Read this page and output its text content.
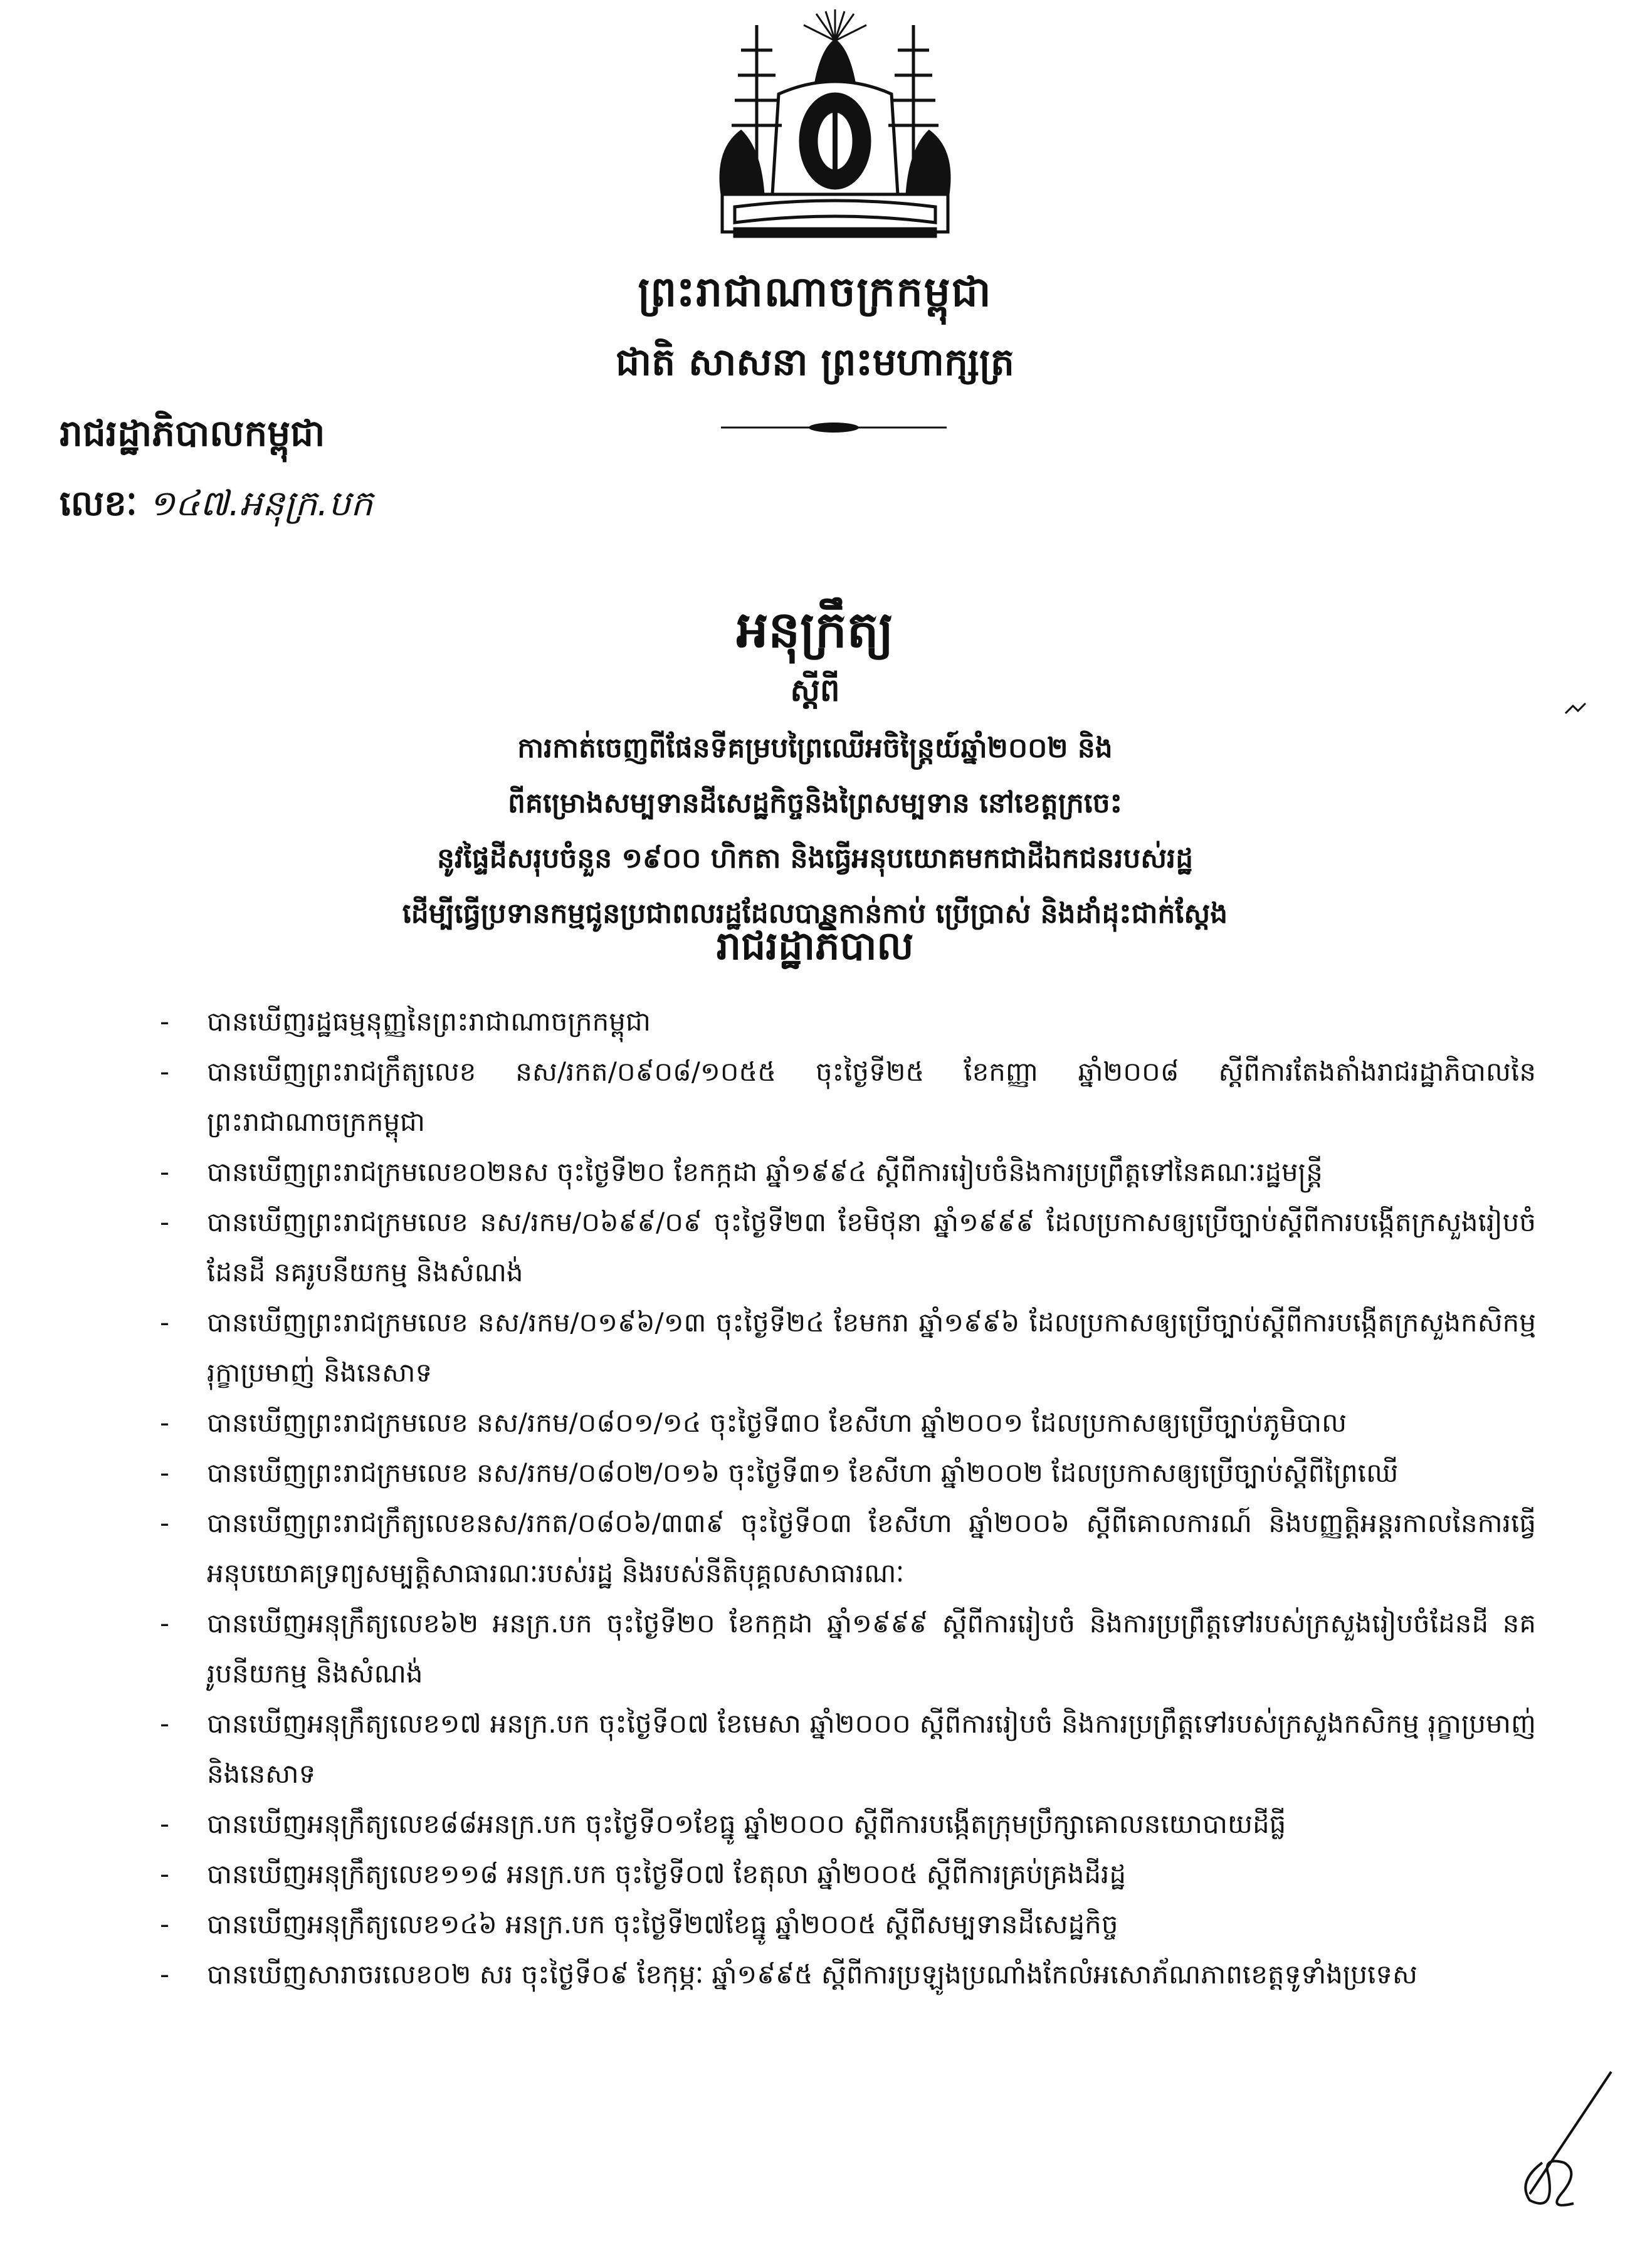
ព្រះរាជាណាចក្រកម្ពុជា
ជាតិ សាសនា ព្រះមហាក្សត្រ
រាជរដ្ឋាភិបាលកម្ពុជា
លេខៈ ១៤៧.អនុក្រ.បក
អនុក្រឹត្យ
ស្តីពី
ការកាត់ចេញពីផែនទីគម្របព្រៃឈើអចិន្ត្រៃយ៍ឆ្នាំ២០០២ និង
ពីគម្រោងសម្បទានដីសេដ្ឋកិច្ចនិងព្រៃសម្បទាន នៅខេត្តក្រចេះ
នូវផ្ទៃដីសរុបចំនួន ១៩០០ ហិកតា និងធ្វើអនុបយោគមកជាដីឯកជនរបស់រដ្ឋ
ដើម្បីធ្វើប្រទានកម្មជូនប្រជាពលរដ្ឋដែលបានកាន់កាប់ ប្រើប្រាស់ និងដាំដុះជាក់ស្តែង
រាជរដ្ឋាភិបាល
- បានឃើញរដ្ឋធម្មនុញ្ញនៃព្រះរាជាណាចក្រកម្ពុជា
- បានឃើញព្រះរាជក្រឹត្យលេខ នស/រកត/០៩០៨/១០៥៥ ចុះថ្ងៃទី២៥ ខែកញ្ញា ឆ្នាំ២០០៨ ស្តីពីការតែងតាំងរាជរដ្ឋាភិបាលនៃព្រះរាជាណាចក្រកម្ពុជា
- បានឃើញព្រះរាជក្រមលេខ០២នស ចុះថ្ងៃទី២០ ខែកក្កដា ឆ្នាំ១៩៩៤ ស្តីពីការរៀបចំនិងការប្រព្រឹត្តទៅនៃគណៈរដ្ឋមន្ត្រី
- បានឃើញព្រះរាជក្រមលេខ នស/រកម/០៦៩៩/០៩ ចុះថ្ងៃទី២៣ ខែមិថុនា ឆ្នាំ១៩៩៩ ដែលប្រកាសឲ្យប្រើច្បាប់ស្តីពីការបង្កើតក្រសួងរៀបចំដែនដី នគរូបនីយកម្ម និងសំណង់
- បានឃើញព្រះរាជក្រមលេខ នស/រកម/០១៩៦/១៣ ចុះថ្ងៃទី២៤ ខែមករា ឆ្នាំ១៩៩៦ ដែលប្រកាសឲ្យប្រើច្បាប់ស្តីពីការបង្កើតក្រសួងកសិកម្ម រុក្ខាប្រមាញ់ និងនេសាទ
- បានឃើញព្រះរាជក្រមលេខ នស/រកម/០៨០១/១៤ ចុះថ្ងៃទី៣០ ខែសីហា ឆ្នាំ២០០១ ដែលប្រកាសឲ្យប្រើច្បាប់ភូមិបាល
- បានឃើញព្រះរាជក្រមលេខ នស/រកម/០៨០២/០១៦ ចុះថ្ងៃទី៣១ ខែសីហា ឆ្នាំ២០០២ ដែលប្រកាសឲ្យប្រើច្បាប់ស្តីពីព្រៃឈើ
- បានឃើញព្រះរាជក្រឹត្យលេខនស/រកត/០៨០៦/៣៣៩ ចុះថ្ងៃទី០៣ ខែសីហា ឆ្នាំ២០០៦ ស្តីពីគោលការណ៍ និងបញ្ញត្តិអន្តរកាលនៃការធ្វើអនុបយោគទ្រព្យសម្បត្តិសាធារណៈរបស់រដ្ឋ និងរបស់នីតិបុគ្គលសាធារណៈ
- បានឃើញអនុក្រឹត្យលេខ៦២ អនក្រ.បក ចុះថ្ងៃទី២០ ខែកក្កដា ឆ្នាំ១៩៩៩ ស្តីពីការរៀបចំ និងការប្រព្រឹត្តទៅរបស់ក្រសួងរៀបចំដែនដី នគរូបនីយកម្ម និងសំណង់
- បានឃើញអនុក្រឹត្យលេខ១៧ អនក្រ.បក ចុះថ្ងៃទី០៧ ខែមេសា ឆ្នាំ២០០០ ស្តីពីការរៀបចំ និងការប្រព្រឹត្តទៅរបស់ក្រសួងកសិកម្ម រុក្ខាប្រមាញ់ និងនេសាទ
- បានឃើញអនុក្រឹត្យលេខ៨៨អនក្រ.បក ចុះថ្ងៃទី០១ខែធ្នូ ឆ្នាំ២០០០ ស្តីពីការបង្កើតក្រុមប្រឹក្សាគោលនយោបាយដីធ្លី
- បានឃើញអនុក្រឹត្យលេខ១១៨ អនក្រ.បក ចុះថ្ងៃទី០៧ ខែតុលា ឆ្នាំ២០០៥ ស្តីពីការគ្រប់គ្រងដីរដ្ឋ
- បានឃើញអនុក្រឹត្យលេខ១៤៦ អនក្រ.បក ចុះថ្ងៃទី២៧ខែធ្នូ ឆ្នាំ២០០៥ ស្តីពីសម្បទានដីសេដ្ឋកិច្ច
- បានឃើញសារាចរលេខ០២ សរ ចុះថ្ងៃទី០៩ ខែកុម្ភៈ ឆ្នាំ១៩៩៥ ស្តីពីការប្រឡូងប្រណាំងកែលំអសោភ័ណភាពខេត្តទូទាំងប្រទេស
